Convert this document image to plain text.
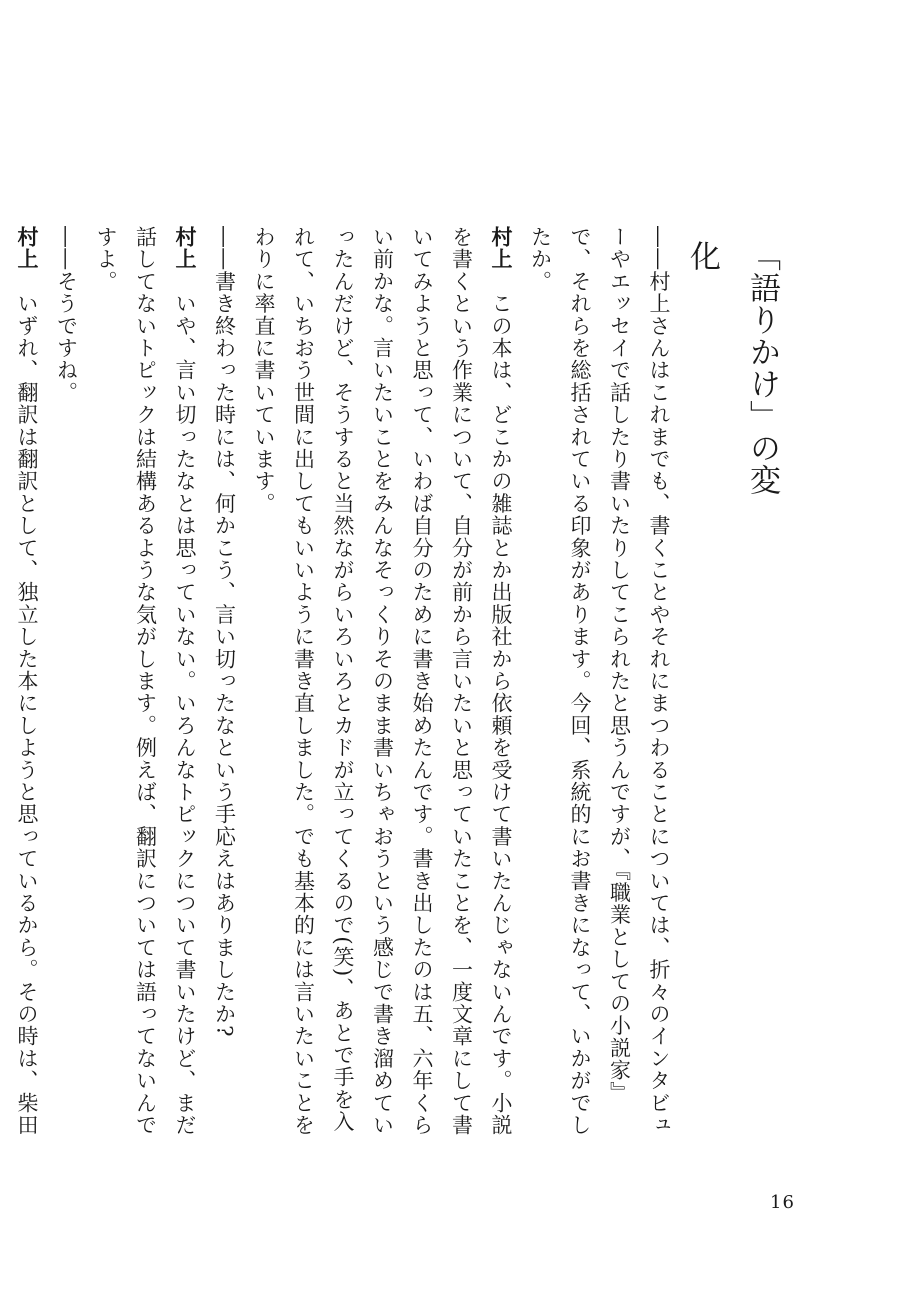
「語りかけ」の変化

――村上さんはこれまでも、書くことやそれにまつわることについては、折々のインタビューやエッセイで話したり書いたりしてこられたと思うんですが、『職業としての小説家』で、それらを総括されている印象があります。今回、系統的にお書きになって、いかがでしたか。

村上　この本は、どこかの雑誌とか出版社から依頼を受けて書いたんじゃないんです。小説を書くという作業について、自分が前から言いたいと思っていたことを、一度文章にして書いてみようと思って、いわば自分のために書き始めたんです。書き出したのは五、六年くらい前かな。言いたいことをみんなそっくりそのまま書いちゃおうという感じで書き溜めていったんだけど、そうすると当然ながらいろいろとカドが立ってくるので(笑)、あとで手を入れて、いちおう世間に出してもいいように書き直しました。でも基本的には言いたいことをわりに率直に書いています。

――書き終わった時には、何かこう、言い切ったなという手応えはありましたか?

村上　いや、言い切ったなとは思っていない。いろんなトピックについて書いたけど、まだ話してないトピックは結構あるような気がします。例えば、翻訳については語ってないんですよ。

――そうですね。

村上　いずれ、翻訳は翻訳として、独立した本にしようと思っているから。その時は、柴田

16
